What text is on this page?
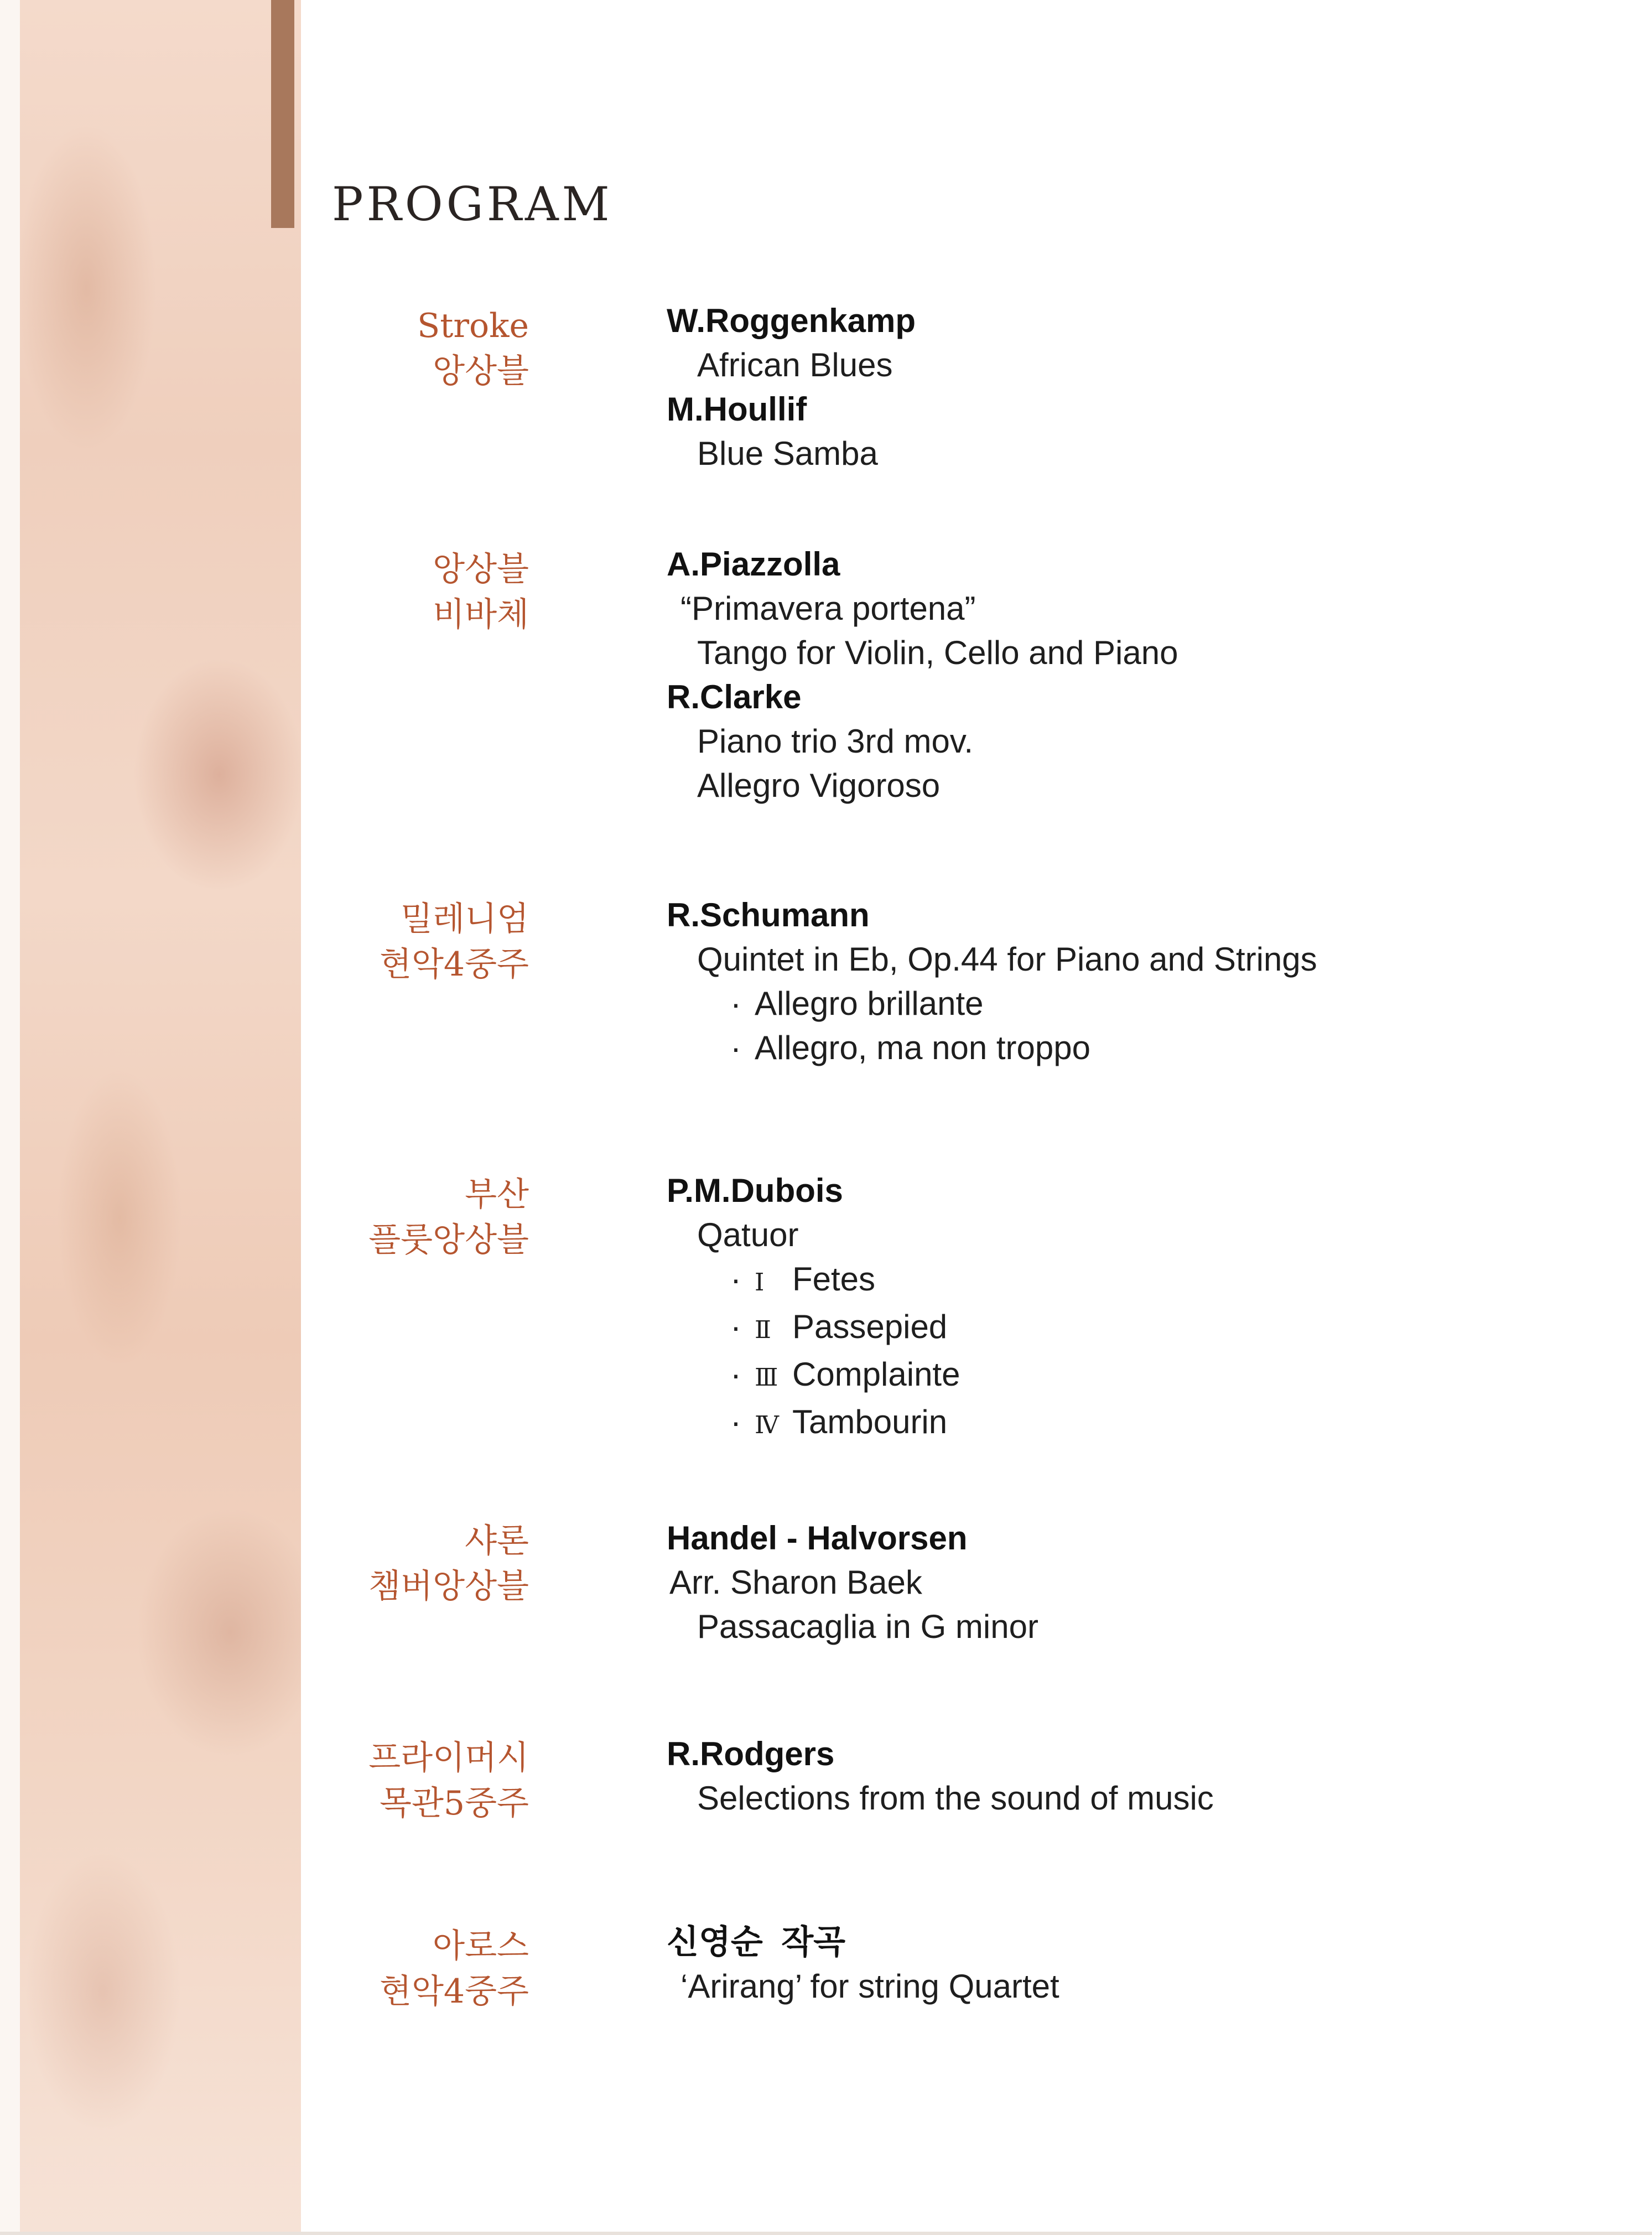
PROGRAM
Stroke
앙상블
W.Roggenkamp
African Blues
M.Houllif
Blue Samba
앙상블
비바체
A.Piazzolla
“Primavera portena”
Tango for Violin, Cello and Piano
R.Clarke
Piano trio 3rd mov.
Allegro Vigoroso
밀레니엄
현악4중주
R.Schumann
Quintet in Eb, Op.44 for Piano and Strings
· Allegro brillante
· Allegro, ma non troppo
부산
플룻앙상블
P.M.Dubois
Qatuor
· Ⅰ Fetes
· Ⅱ Passepied
· Ⅲ Complainte
· Ⅳ Tambourin
샤론
챔버앙상블
Handel - Halvorsen
Arr. Sharon Baek
Passacaglia in G minor
프라이머시
목관5중주
R.Rodgers
Selections from the sound of music
아로스
현악4중주
신영순  작곡
‘Arirang’ for string Quartet
